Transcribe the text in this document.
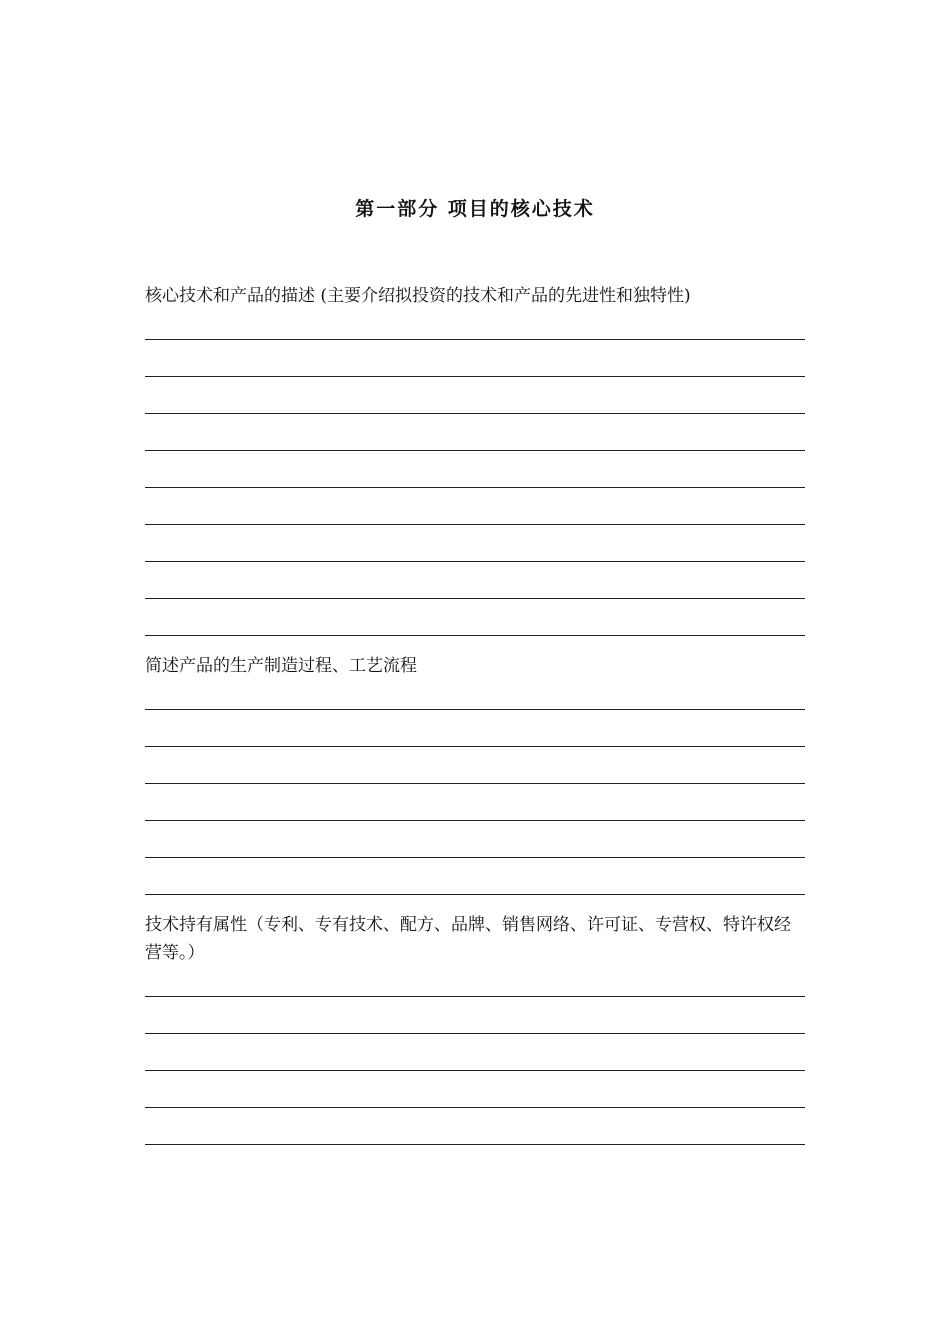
第一部分 项目的核心技术

核心技术和产品的描述 (主要介绍拟投资的技术和产品的先进性和独特性)

简述产品的生产制造过程、工艺流程

技术持有属性（专利、专有技术、配方、品牌、销售网络、许可证、专营权、特许权经营等。）
